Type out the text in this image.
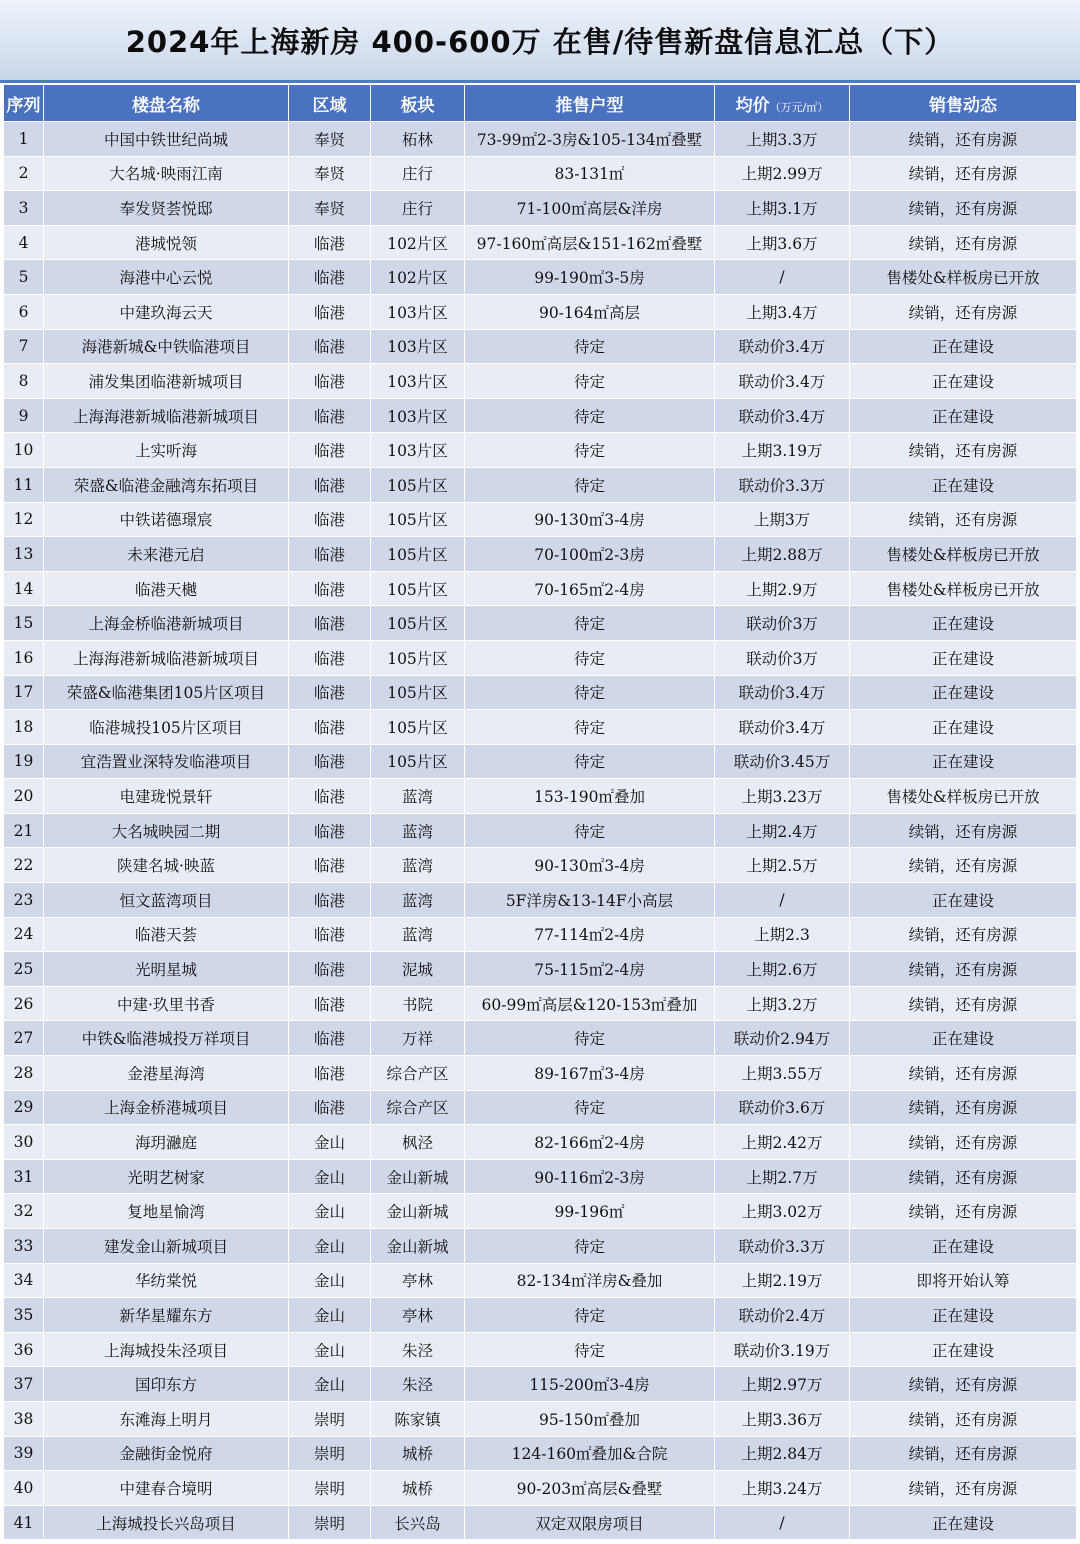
2024年上海新房 400-600万 在售/待售新盘信息汇总（下）
序列	楼盘名称	区域	板块	推售户型	均价（万元/㎡）	销售动态
1	中国中铁世纪尚城	奉贤	柘林	73-99㎡2-3房&105-134㎡叠墅	上期3.3万	续销，还有房源
2	大名城·映雨江南	奉贤	庄行	83-131㎡	上期2.99万	续销，还有房源
3	奉发贤荟悦邸	奉贤	庄行	71-100㎡高层&洋房	上期3.1万	续销，还有房源
4	港城悦领	临港	102片区	97-160㎡高层&151-162㎡叠墅	上期3.6万	续销，还有房源
5	海港中心云悦	临港	102片区	99-190㎡3-5房	/	售楼处&样板房已开放
6	中建玖海云天	临港	103片区	90-164㎡高层	上期3.4万	续销，还有房源
7	海港新城&中铁临港项目	临港	103片区	待定	联动价3.4万	正在建设
8	浦发集团临港新城项目	临港	103片区	待定	联动价3.4万	正在建设
9	上海海港新城临港新城项目	临港	103片区	待定	联动价3.4万	正在建设
10	上实听海	临港	103片区	待定	上期3.19万	续销，还有房源
11	荣盛&临港金融湾东拓项目	临港	105片区	待定	联动价3.3万	正在建设
12	中铁诺德璟宸	临港	105片区	90-130㎡3-4房	上期3万	续销，还有房源
13	未来港元启	临港	105片区	70-100㎡2-3房	上期2.88万	售楼处&样板房已开放
14	临港天樾	临港	105片区	70-165㎡2-4房	上期2.9万	售楼处&样板房已开放
15	上海金桥临港新城项目	临港	105片区	待定	联动价3万	正在建设
16	上海海港新城临港新城项目	临港	105片区	待定	联动价3万	正在建设
17	荣盛&临港集团105片区项目	临港	105片区	待定	联动价3.4万	正在建设
18	临港城投105片区项目	临港	105片区	待定	联动价3.4万	正在建设
19	宜浩置业深特发临港项目	临港	105片区	待定	联动价3.45万	正在建设
20	电建珑悦景轩	临港	蓝湾	153-190㎡叠加	上期3.23万	售楼处&样板房已开放
21	大名城映园二期	临港	蓝湾	待定	上期2.4万	续销，还有房源
22	陕建名城·映蓝	临港	蓝湾	90-130㎡3-4房	上期2.5万	续销，还有房源
23	恒文蓝湾项目	临港	蓝湾	5F洋房&13-14F小高层	/	正在建设
24	临港天荟	临港	蓝湾	77-114㎡2-4房	上期2.3	续销，还有房源
25	光明星城	临港	泥城	75-115㎡2-4房	上期2.6万	续销，还有房源
26	中建·玖里书香	临港	书院	60-99㎡高层&120-153㎡叠加	上期3.2万	续销，还有房源
27	中铁&临港城投万祥项目	临港	万祥	待定	联动价2.94万	正在建设
28	金港星海湾	临港	综合产区	89-167㎡3-4房	上期3.55万	续销，还有房源
29	上海金桥港城项目	临港	综合产区	待定	联动价3.6万	续销，还有房源
30	海玥瀜庭	金山	枫泾	82-166㎡2-4房	上期2.42万	续销，还有房源
31	光明艺树家	金山	金山新城	90-116㎡2-3房	上期2.7万	续销，还有房源
32	复地星愉湾	金山	金山新城	99-196㎡	上期3.02万	续销，还有房源
33	建发金山新城项目	金山	金山新城	待定	联动价3.3万	正在建设
34	华纺棠悦	金山	亭林	82-134㎡洋房&叠加	上期2.19万	即将开始认筹
35	新华星耀东方	金山	亭林	待定	联动价2.4万	正在建设
36	上海城投朱泾项目	金山	朱泾	待定	联动价3.19万	正在建设
37	国印东方	金山	朱泾	115-200㎡3-4房	上期2.97万	续销，还有房源
38	东滩海上明月	崇明	陈家镇	95-150㎡叠加	上期3.36万	续销，还有房源
39	金融街金悦府	崇明	城桥	124-160㎡叠加&合院	上期2.84万	续销，还有房源
40	中建春合境明	崇明	城桥	90-203㎡高层&叠墅	上期3.24万	续销，还有房源
41	上海城投长兴岛项目	崇明	长兴岛	双定双限房项目	/	正在建设
